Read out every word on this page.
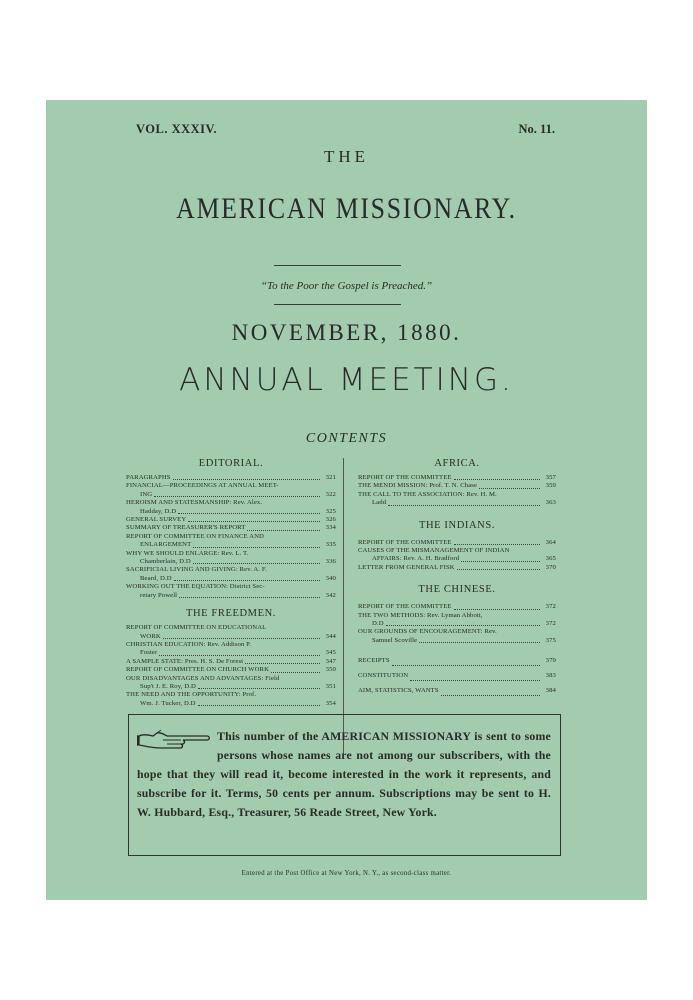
VOL. XXXIV.	No. 11.
THE
AMERICAN MISSIONARY.
“To the Poor the Gospel is Preached.”
NOVEMBER, 1880.
ANNUAL MEETING.
CONTENTS
EDITORIAL.
PARAGRAPHS	321
FINANCIAL—PROCEEDINGS AT ANNUAL MEET-
ING	322
HEROISM AND STATESMANSHIP: Rev. Alex.
Hadday, D.D	325
GENERAL SURVEY	326
SUMMARY OF TREASURER'S REPORT	334
REPORT OF COMMITTEE ON FINANCE AND
ENLARGEMENT	335
WHY WE SHOULD ENLARGE: Rev. L. T.
Chamberlain, D.D	336
SACRIFICIAL LIVING AND GIVING: Rev. A. F.
Beard, D.D	340
WORKING OUT THE EQUATION: District Sec-
retary Powell	342
THE FREEDMEN.
REPORT OF COMMITTEE ON EDUCATIONAL
WORK	344
CHRISTIAN EDUCATION: Rev. Addison P.
Foster	345
A SAMPLE STATE: Pres. H. S. De Forest	347
REPORT OF COMMITTEE ON CHURCH WORK	350
OUR DISADVANTAGES AND ADVANTAGES: Field
Sup't J. E. Roy, D.D	351
THE NEED AND THE OPPORTUNITY: Prof.
Wm. J. Tucker, D.D	354
AFRICA.
REPORT OF THE COMMITTEE	357
THE MENDI MISSION: Prof. T. N. Chase	359
THE CALL TO THE ASSOCIATION: Rev. H. M.
Ladd	363
THE INDIANS.
REPORT OF THE COMMITTEE	364
CAUSES OF THE MISMANAGEMENT OF INDIAN
AFFAIRS: Rev. A. H. Bradford	365
LETTER FROM GENERAL FISK	370
THE CHINESE.
REPORT OF THE COMMITTEE	372
THE TWO METHODS: Rev. Lyman Abbott,
D.D	372
OUR GROUNDS OF ENCOURAGEMENT: Rev.
Samuel Scoville	375
RECEIPTS	379
CONSTITUTION	383
AIM, STATISTICS, WANTS	384
This number of the AMERICAN MISSIONARY is sent to some persons whose names are not among our subscribers, with the hope that they will read it, become interested in the work it represents, and subscribe for it. Terms, 50 cents per annum. Subscriptions may be sent to H. W. Hubbard, Esq., Treasurer, 56 Reade Street, New York.
Entered at the Post Office at New York, N. Y., as second-class matter.
